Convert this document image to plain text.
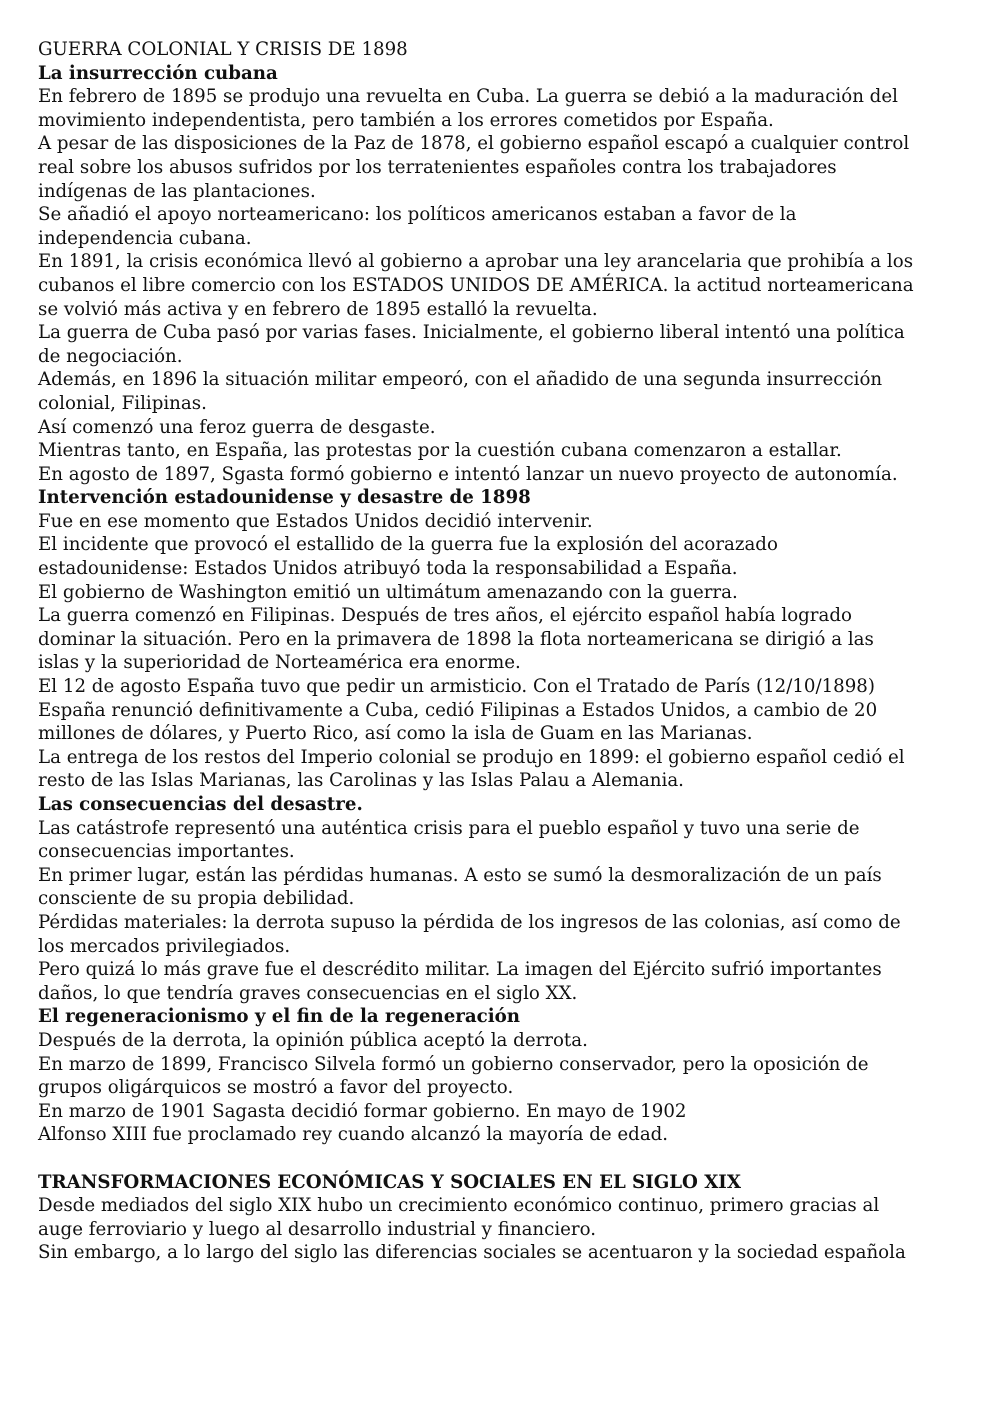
GUERRA COLONIAL Y CRISIS DE 1898
La insurrección cubana
En febrero de 1895 se produjo una revuelta en Cuba. La guerra se debió a la maduración del
movimiento independentista, pero también a los errores cometidos por España.
A pesar de las disposiciones de la Paz de 1878, el gobierno español escapó a cualquier control
real sobre los abusos sufridos por los terratenientes españoles contra los trabajadores
indígenas de las plantaciones.
Se añadió el apoyo norteamericano: los políticos americanos estaban a favor de la
independencia cubana.
En 1891, la crisis económica llevó al gobierno a aprobar una ley arancelaria que prohibía a los
cubanos el libre comercio con los ESTADOS UNIDOS DE AMÉRICA. la actitud norteamericana
se volvió más activa y en febrero de 1895 estalló la revuelta.
La guerra de Cuba pasó por varias fases. Inicialmente, el gobierno liberal intentó una política
de negociación.
Además, en 1896 la situación militar empeoró, con el añadido de una segunda insurrección
colonial, Filipinas.
Así comenzó una feroz guerra de desgaste.
Mientras tanto, en España, las protestas por la cuestión cubana comenzaron a estallar.
En agosto de 1897, Sgasta formó gobierno e intentó lanzar un nuevo proyecto de autonomía.
Intervención estadounidense y desastre de 1898
Fue en ese momento que Estados Unidos decidió intervenir.
El incidente que provocó el estallido de la guerra fue la explosión del acorazado
estadounidense: Estados Unidos atribuyó toda la responsabilidad a España.
El gobierno de Washington emitió un ultimátum amenazando con la guerra.
La guerra comenzó en Filipinas. Después de tres años, el ejército español había logrado
dominar la situación. Pero en la primavera de 1898 la flota norteamericana se dirigió a las
islas y la superioridad de Norteamérica era enorme.
El 12 de agosto España tuvo que pedir un armisticio. Con el Tratado de París (12/10/1898)
España renunció definitivamente a Cuba, cedió Filipinas a Estados Unidos, a cambio de 20
millones de dólares, y Puerto Rico, así como la isla de Guam en las Marianas.
La entrega de los restos del Imperio colonial se produjo en 1899: el gobierno español cedió el
resto de las Islas Marianas, las Carolinas y las Islas Palau a Alemania.
Las consecuencias del desastre.
Las catástrofe representó una auténtica crisis para el pueblo español y tuvo una serie de
consecuencias importantes.
En primer lugar, están las pérdidas humanas. A esto se sumó la desmoralización de un país
consciente de su propia debilidad.
Pérdidas materiales: la derrota supuso la pérdida de los ingresos de las colonias, así como de
los mercados privilegiados.
Pero quizá lo más grave fue el descrédito militar. La imagen del Ejército sufrió importantes
daños, lo que tendría graves consecuencias en el siglo XX.
El regeneracionismo y el fin de la regeneración
Después de la derrota, la opinión pública aceptó la derrota.
En marzo de 1899, Francisco Silvela formó un gobierno conservador, pero la oposición de
grupos oligárquicos se mostró a favor del proyecto.
En marzo de 1901 Sagasta decidió formar gobierno. En mayo de 1902
Alfonso XIII fue proclamado rey cuando alcanzó la mayoría de edad.
TRANSFORMACIONES ECONÓMICAS Y SOCIALES EN EL SIGLO XIX
Desde mediados del siglo XIX hubo un crecimiento económico continuo, primero gracias al
auge ferroviario y luego al desarrollo industrial y financiero.
Sin embargo, a lo largo del siglo las diferencias sociales se acentuaron y la sociedad española
